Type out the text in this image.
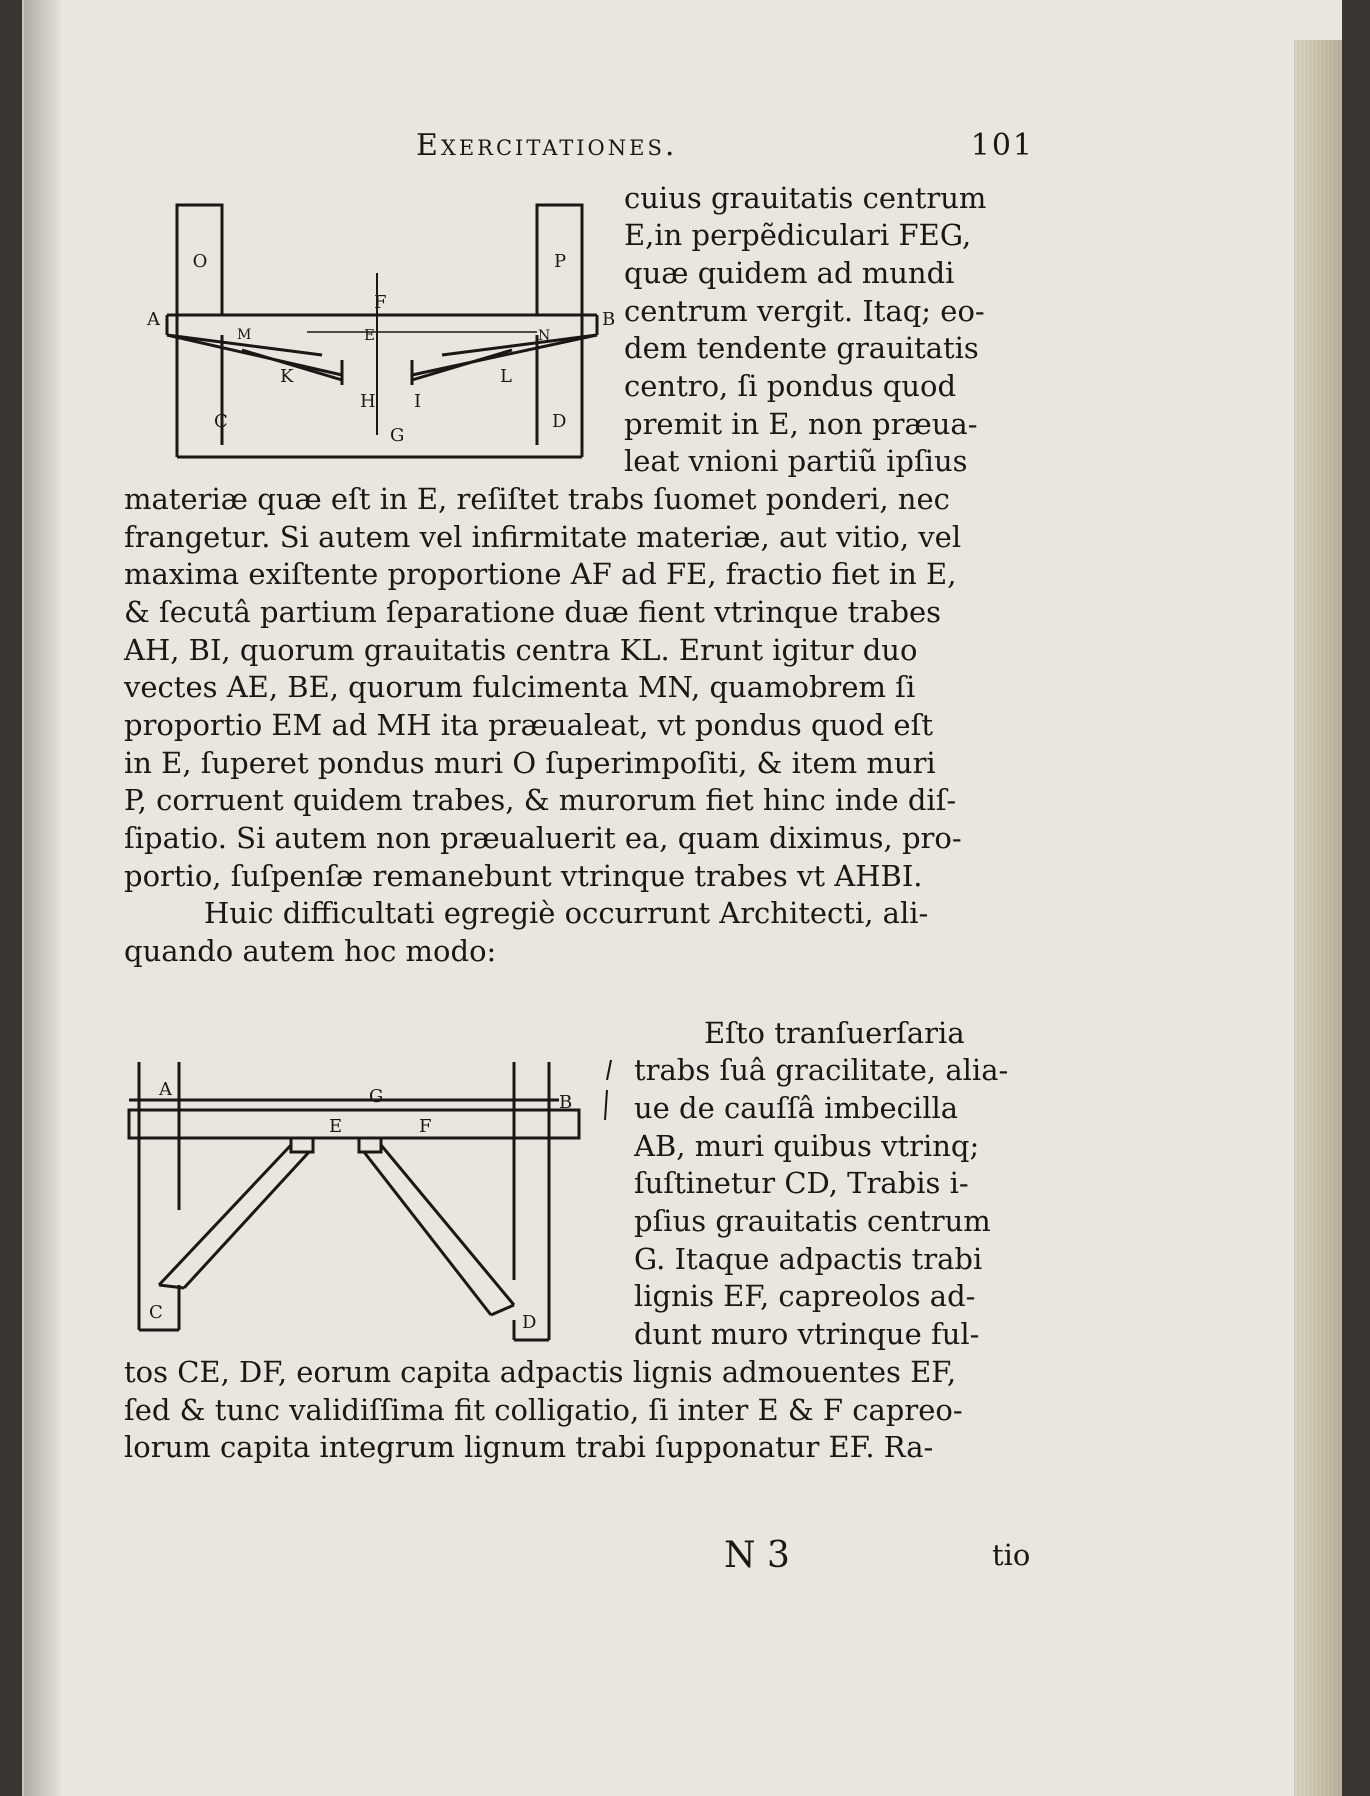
Exercitationes.	101
O	P
A	B
F
M	E	N
K	L
H I
C	D
G
cuius grauitatis centrum
E,in perpẽdiculari FEG,
quæ quidem ad mundi
centrum vergit. Itaq; eo-
dem tendente grauitatis
centro, ſi pondus quod
premit in E, non præua-
leat vnioni partiũ ipſius
materiæ quæ eſt in E, reſiſtet trabs ſuomet ponderi, nec
frangetur. Si autem vel infirmitate materiæ, aut vitio, vel
maxima exiſtente proportione AF ad FE, fractio fiet in E,
& ſecutâ partium ſeparatione duæ fient vtrinque trabes
AH, BI, quorum grauitatis centra KL. Erunt igitur duo
vectes AE, BE, quorum fulcimenta MN, quamobrem ſi
proportio EM ad MH ita præualeat, vt pondus quod eſt
in E, ſuperet pondus muri O ſuperimpoſiti, & item muri
P, corruent quidem trabes, & murorum fiet hinc inde diſ-
ſipatio. Si autem non præualuerit ea, quam diximus, pro-
portio, ſuſpenſæ remanebunt vtrinque trabes vt AHBI.
Huic difficultati egregiè occurrunt Architecti, ali-
quando autem hoc modo:
A
B
G
E	F
C	D
Eſto tranſuerſaria
trabs ſuâ gracilitate, alia-
ue de cauſſâ imbecilla
AB, muri quibus vtrinq;
ſuſtinetur CD, Trabis i-
pſius grauitatis centrum
G. Itaque adpactis trabi
lignis EF, capreolos ad-
dunt muro vtrinque ful-
tos CE, DF, eorum capita adpactis lignis admouentes EF,
ſed & tunc validiſſima fit colligatio, ſi inter E & F capreo-
lorum capita integrum lignum trabi ſupponatur EF. Ra-
N 3	tio
